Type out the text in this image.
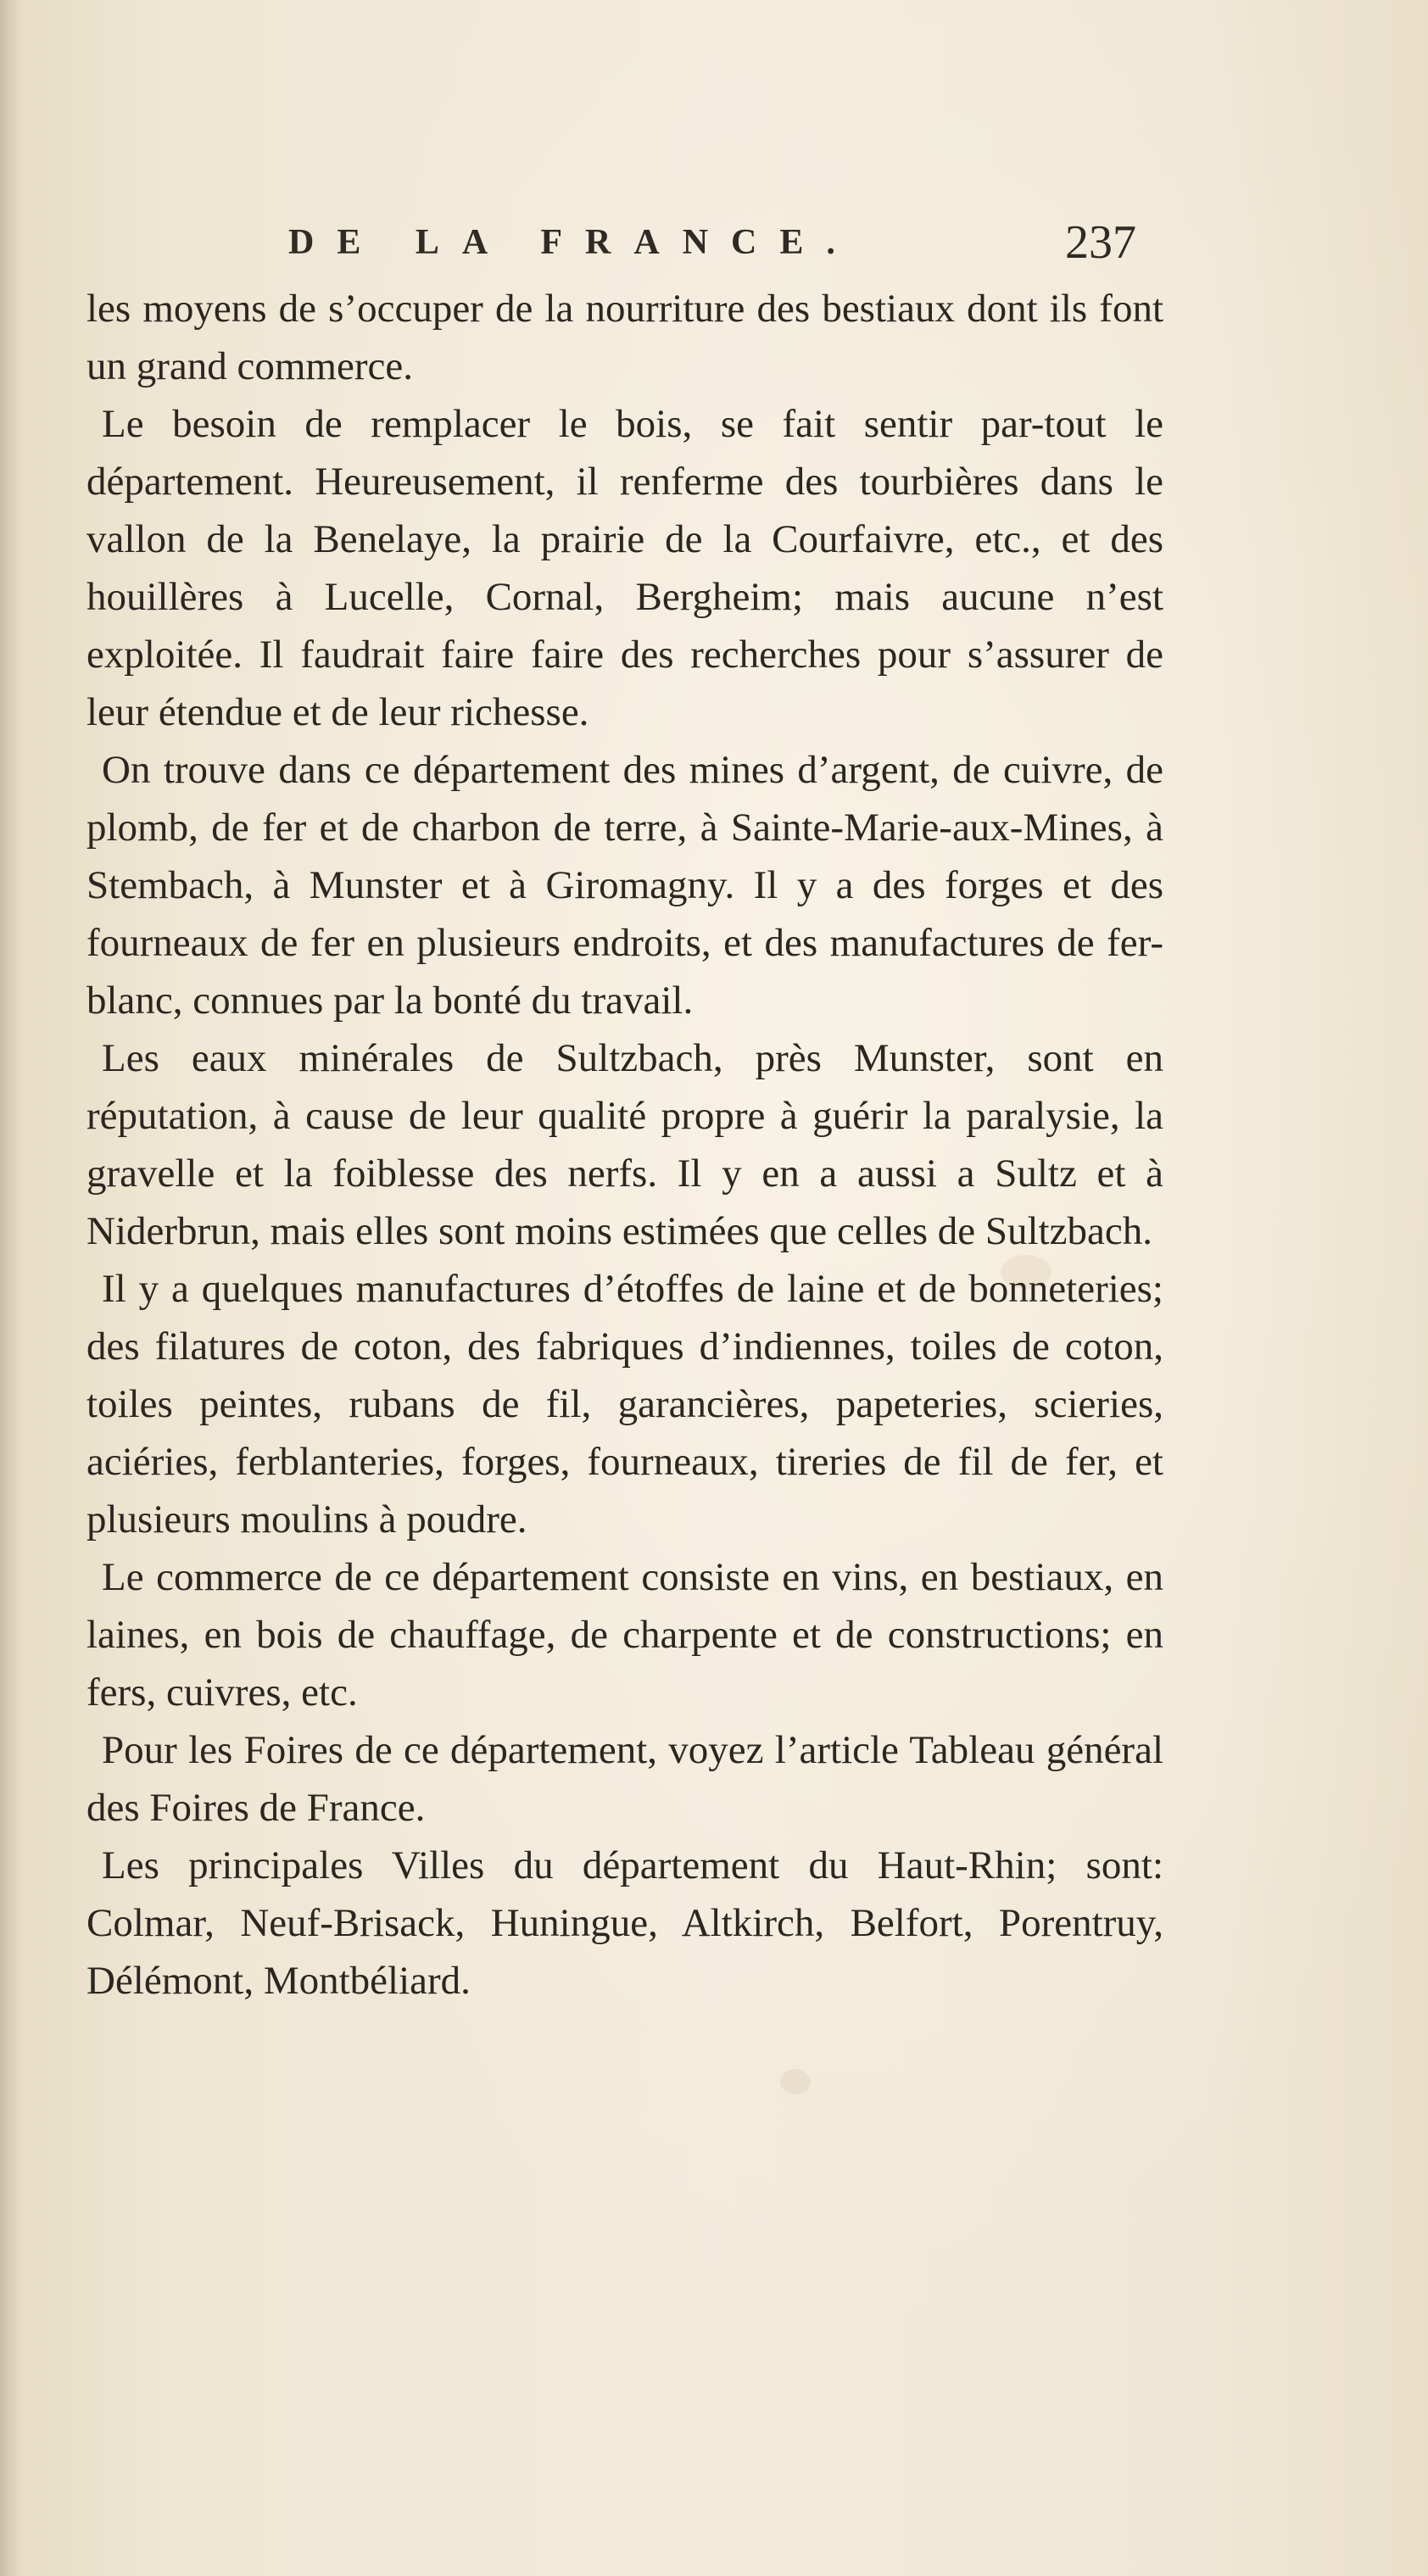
DE LA FRANCE.	237

les moyens de s’occuper de la nourriture des bestiaux dont ils font un grand commerce.

Le besoin de remplacer le bois, se fait sentir par-tout le département. Heureusement, il renferme des tourbières dans le vallon de la Benelaye, la prairie de la Courfaivre, etc., et des houillères à Lucelle, Cornal, Bergheim; mais aucune n’est exploitée. Il faudrait faire faire des recherches pour s’assurer de leur étendue et de leur richesse.

On trouve dans ce département des mines d’argent, de cuivre, de plomb, de fer et de charbon de terre, à Sainte-Marie-aux-Mines, à Stembach, à Munster et à Giromagny. Il y a des forges et des fourneaux de fer en plusieurs endroits, et des manufactures de fer-blanc, connues par la bonté du travail.

Les eaux minérales de Sultzbach, près Munster, sont en réputation, à cause de leur qualité propre à guérir la paralysie, la gravelle et la foiblesse des nerfs. Il y en a aussi a Sultz et à Niderbrun, mais elles sont moins estimées que celles de Sultzbach.

Il y a quelques manufactures d’étoffes de laine et de bonneteries; des filatures de coton, des fabriques d’indiennes, toiles de coton, toiles peintes, rubans de fil, garancières, papeteries, scieries, aciéries, ferblanteries, forges, fourneaux, tireries de fil de fer, et plusieurs moulins à poudre.

Le commerce de ce département consiste en vins, en bestiaux, en laines, en bois de chauffage, de charpente et de constructions; en fers, cuivres, etc.

Pour les Foires de ce département, voyez l’article Tableau général des Foires de France.

Les principales Villes du département du Haut-Rhin; sont: Colmar, Neuf-Brisack, Huningue, Altkirch, Belfort, Porentruy, Délémont, Montbéliard.
